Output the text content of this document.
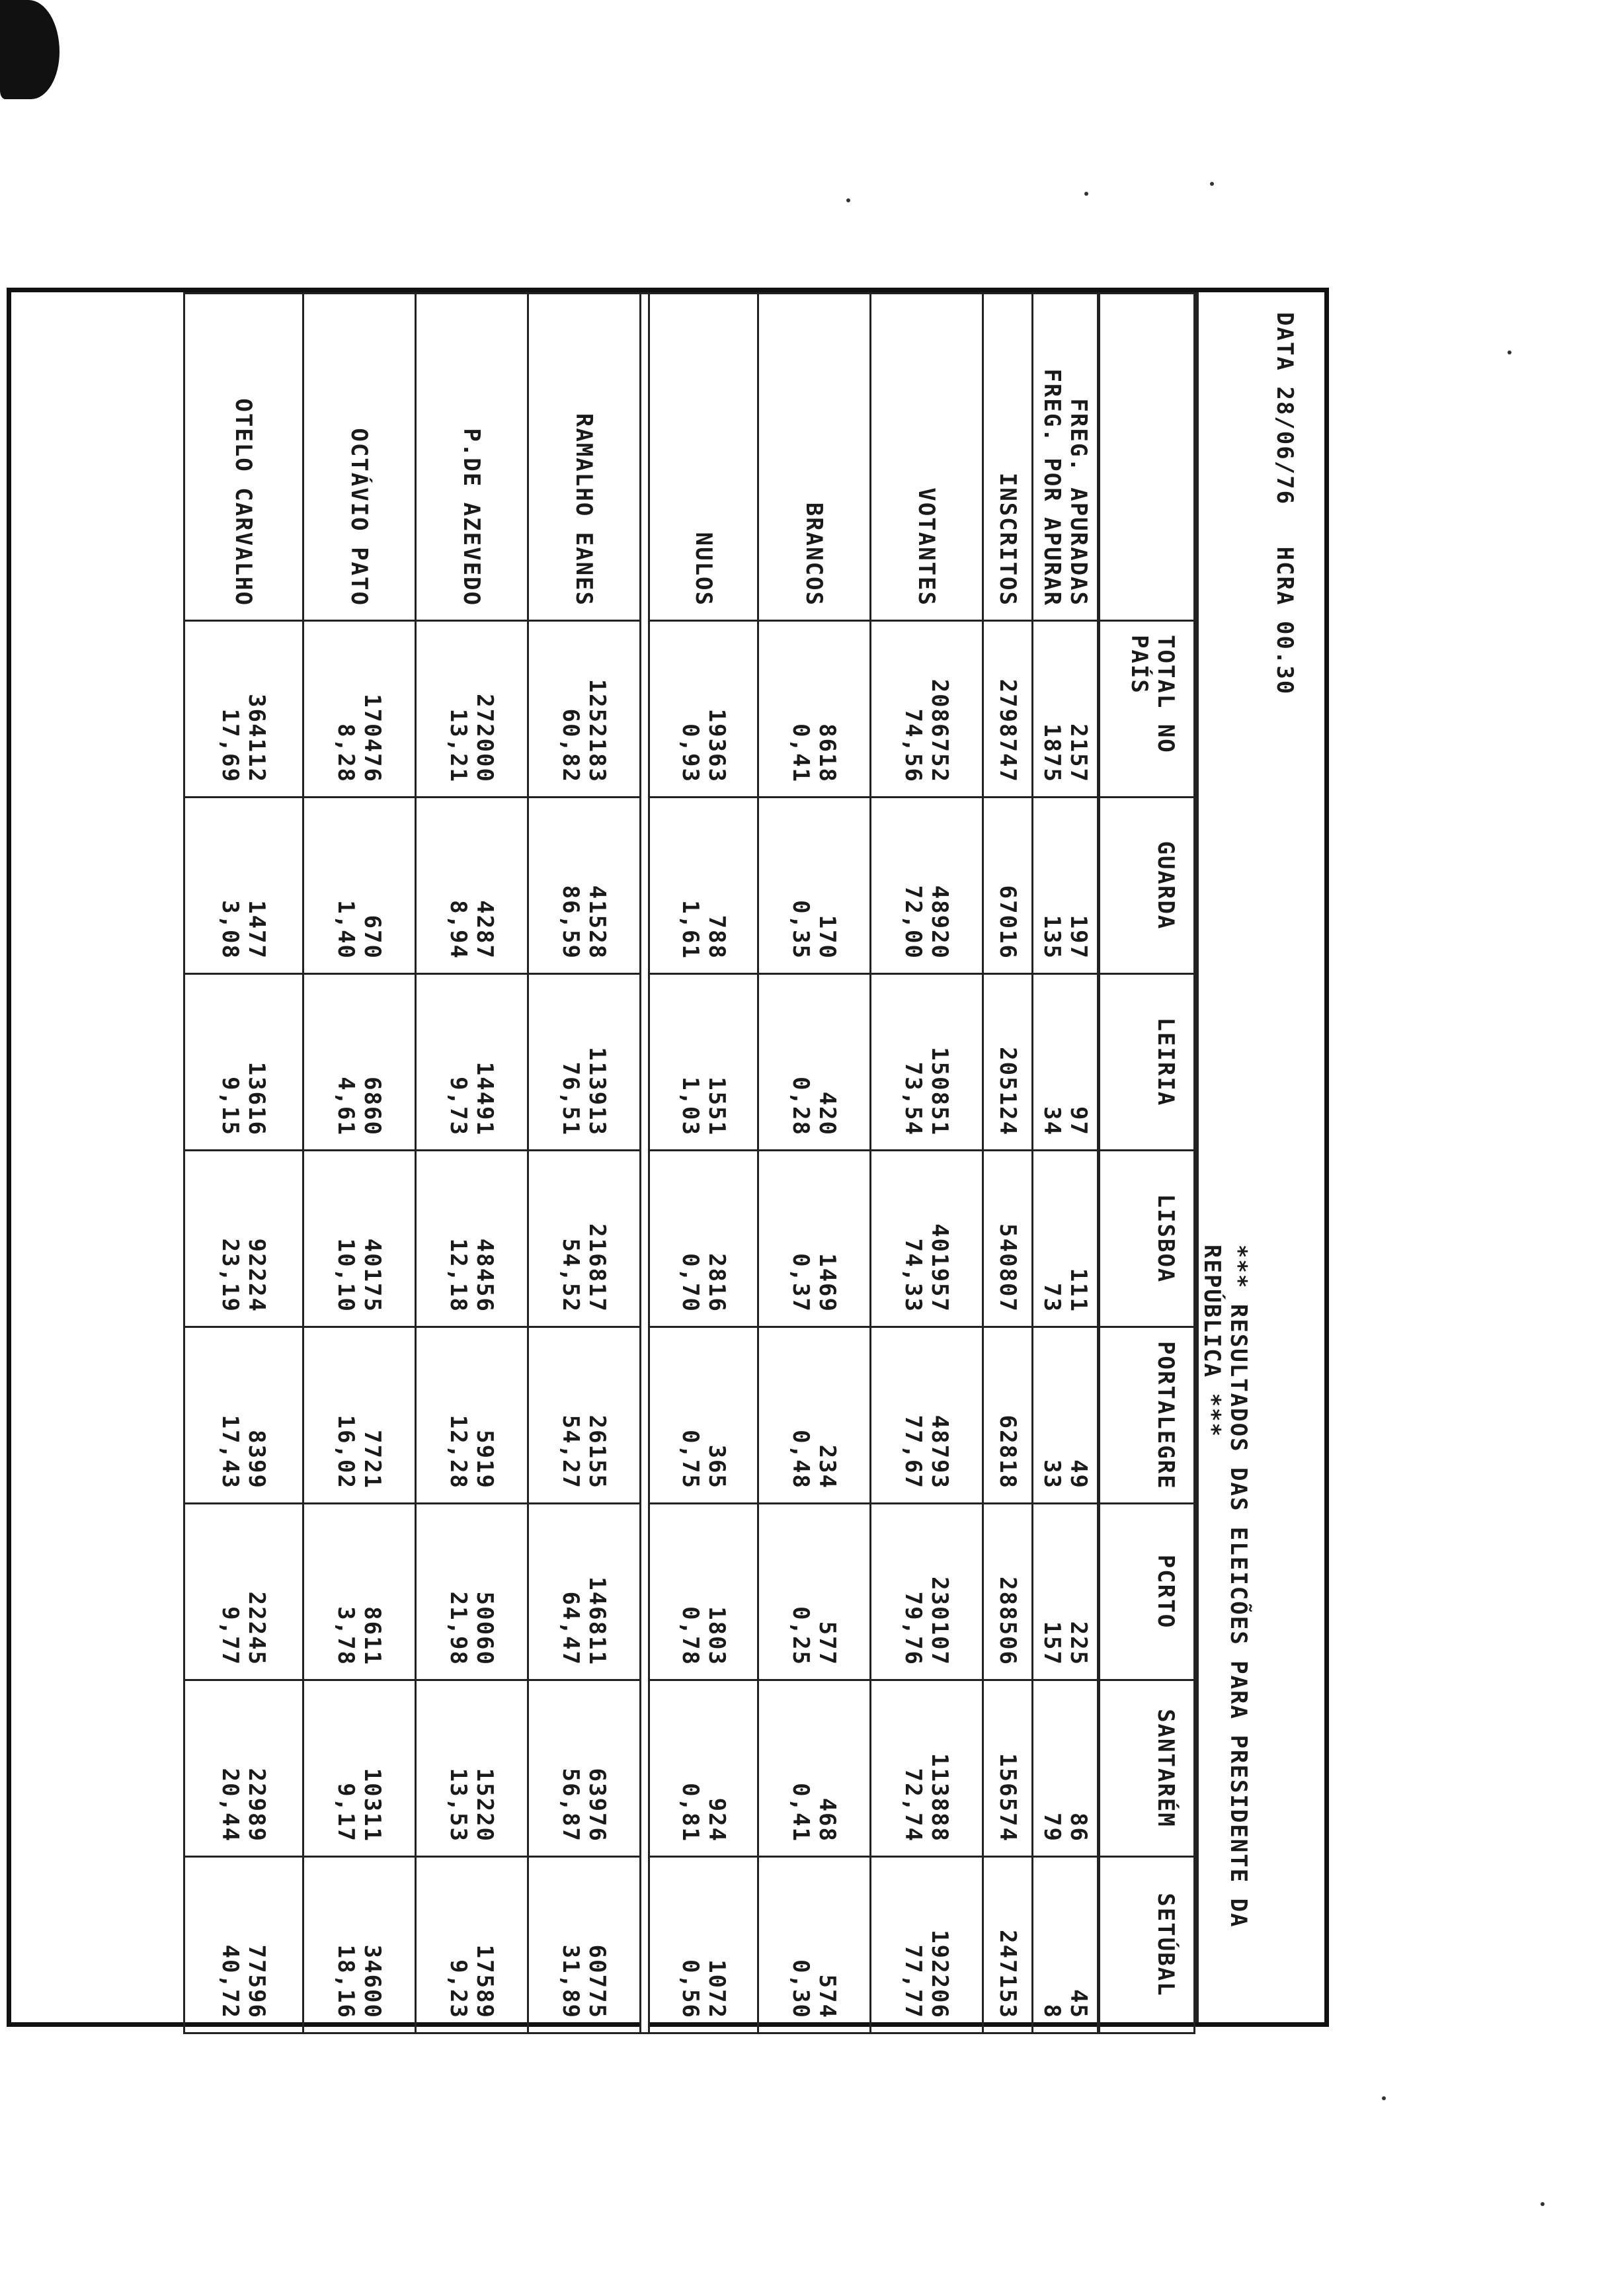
DATA 28/06/76 HCRA 00.30
*** RESULTADOS DAS ELEICÕES PARA PRESIDENTE DA REPÚBLICA ***

	TOTAL NO
PAÍS	GUARDA	LEIRIA	LISBOA	PORTALEGRE	PCRTO	SANTARÉM	SETÚBAL

FREG. APURADAS
FREG. POR APURAR	2157
1875	197
135	97
34	111
73	49
33	225
157	86
79	45
8

INSCRITOS	2798747	67016	205124	540807	62818	288506	156574	247153
VOTANTES	2086752
74,56	48920
72,00	150851
73,54	401957
74,33	48793
77,67	230107
79,76	113888
72,74	192206
77,77

BRANCOS	8618
0,41	170
0,35	420
0,28	1469
0,37	234
0,48	577
0,25	468
0,41	574
0,30

NULOS	19363
0,93	788
1,61	1551
1,03	2816
0,70	365
0,75	1803
0,78	924
0,81	1072
0,56

RAMALHO EANES	1252183
60,82	41528
86,59	113913
76,51	216817
54,52	26155
54,27	146811
64,47	63976
56,87	60775
31,89

P.DE AZEVEDO	272000
13,21	4287
8,94	14491
9,73	48456
12,18	5919
12,28	50060
21,98	15220
13,53	17589
9,23

OCTÁVIO PATO	170476
8,28	670
1,40	6860
4,61	40175
10,10	7721
16,02	8611
3,78	10311
9,17	34600
18,16

OTELO CARVALHO	364112
17,69	1477
3,08	13616
9,15	92224
23,19	8399
17,43	22245
9,77	22989
20,44	77596
40,72
